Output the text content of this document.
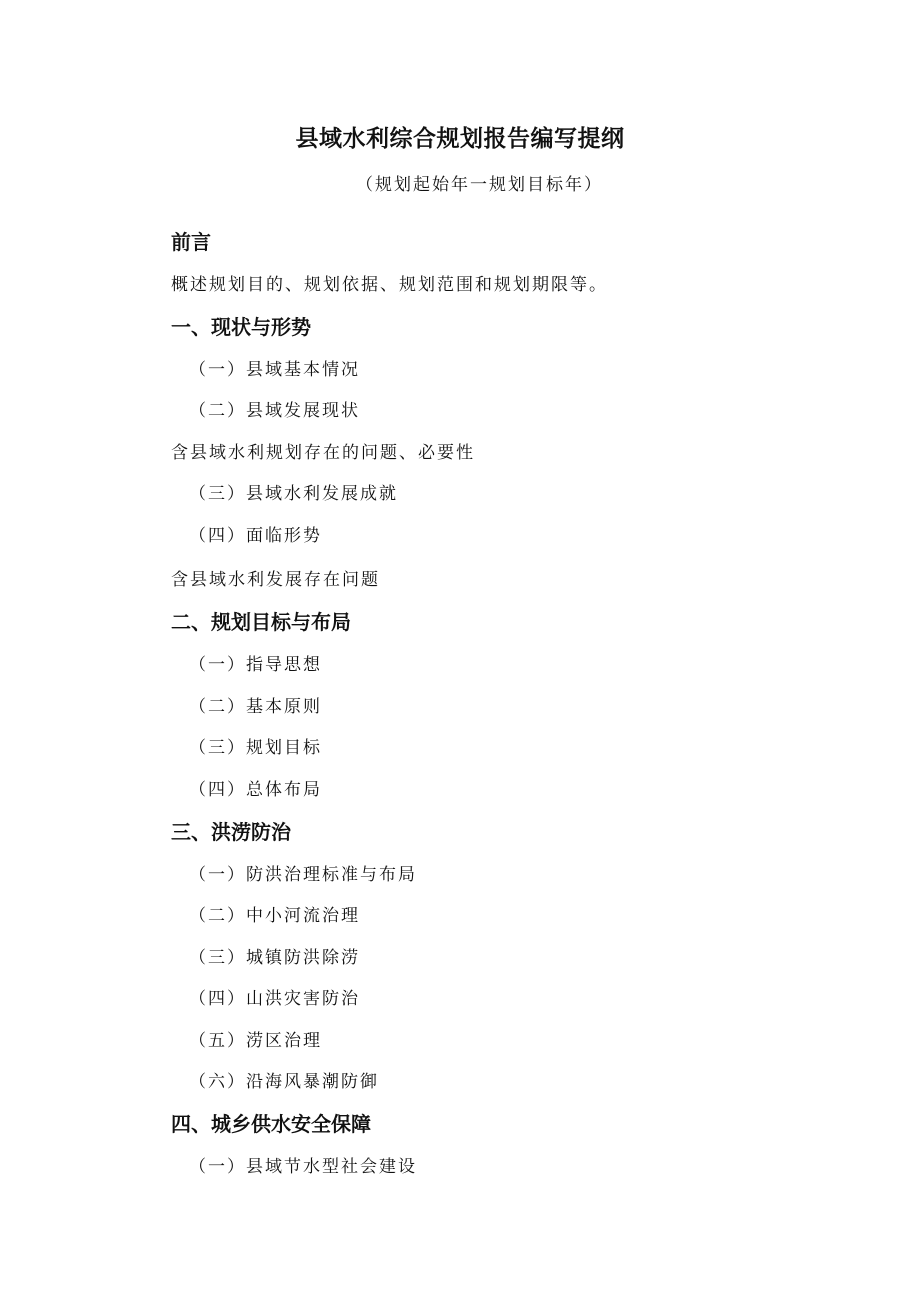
县域水利综合规划报告编写提纲
（规划起始年一规划目标年）
前言
概述规划目的、规划依据、规划范围和规划期限等。
一、现状与形势
（一）县域基本情况
（二）县域发展现状
含县域水利规划存在的问题、必要性
（三）县域水利发展成就
（四）面临形势
含县域水利发展存在问题
二、规划目标与布局
（一）指导思想
（二）基本原则
（三）规划目标
（四）总体布局
三、洪涝防治
（一）防洪治理标准与布局
（二）中小河流治理
（三）城镇防洪除涝
（四）山洪灾害防治
（五）涝区治理
（六）沿海风暴潮防御
四、城乡供水安全保障
（一）县域节水型社会建设
